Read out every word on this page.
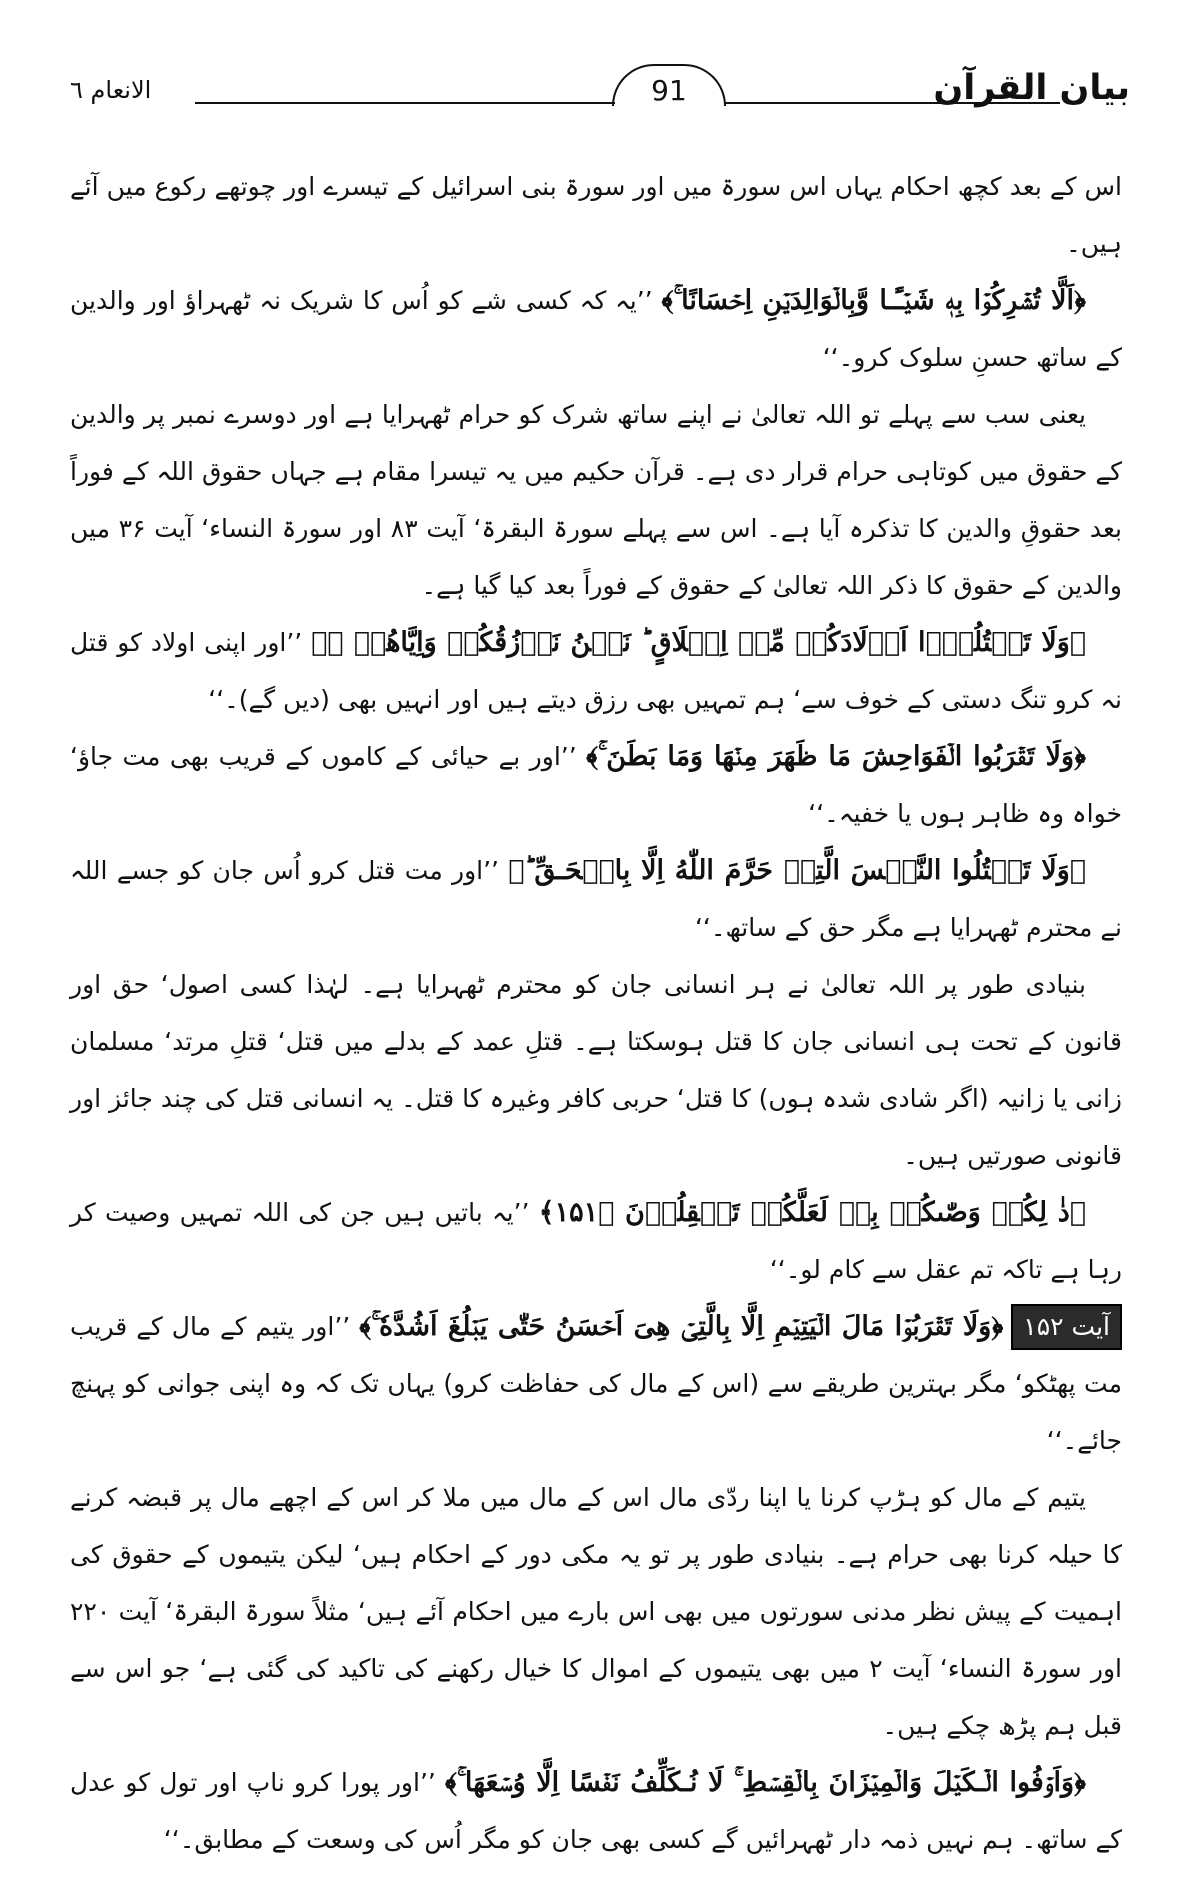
بیان القرآن
91
الانعام ٦

اس کے بعد کچھ احکام یہاں اس سورۃ میں اور سورۃ بنی اسرائیل کے تیسرے اور چوتھے رکوع میں آئے ہیں۔

﴿اَلَّا تُشۡرِكُوۡا بِهٖ شَيۡـًٔـا وَّبِالۡوَالِدَيۡنِ اِحۡسَانًا ۚ﴾ ’’یہ کہ کسی شے کو اُس کا شریک نہ ٹھہراؤ اور والدین کے ساتھ حسنِ سلوک کرو۔‘‘

یعنی سب سے پہلے تو اللہ تعالیٰ نے اپنے ساتھ شرک کو حرام ٹھہرایا ہے اور دوسرے نمبر پر والدین کے حقوق میں کوتاہی حرام قرار دی ہے۔ قرآن حکیم میں یہ تیسرا مقام ہے جہاں حقوق اللہ کے فوراً بعد حقوقِ والدین کا تذکرہ آیا ہے۔ اس سے پہلے سورۃ البقرۃ‘ آیت ۸۳ اور سورۃ النساء‘ آیت ۳۶ میں والدین کے حقوق کا ذکر اللہ تعالیٰ کے حقوق کے فوراً بعد کیا گیا ہے۔

﴿وَلَا تَقۡتُلُوۡۤا اَوۡلَادَكُمۡ مِّنۡ اِمۡلَاقٍ ؕ نَحۡنُ نَرۡزُقُكُمۡ وَاِيَّاهُمۡ ۚ﴾ ’’اور اپنی اولاد کو قتل نہ کرو تنگ دستی کے خوف سے‘ ہم تمہیں بھی رزق دیتے ہیں اور انہیں بھی (دیں گے)۔‘‘

﴿وَلَا تَقۡرَبُوا الۡفَوَاحِشَ مَا ظَهَرَ مِنۡهَا وَمَا بَطَنَ ۚ﴾ ’’اور بے حیائی کے کاموں کے قریب بھی مت جاؤ‘ خواہ وہ ظاہر ہوں یا خفیہ۔‘‘

﴿وَلَا تَقۡتُلُوا النَّفۡسَ الَّتِىۡ حَرَّمَ اللّٰهُ اِلَّا بِالۡحَـقِّ ؕ﴾ ’’اور مت قتل کرو اُس جان کو جسے اللہ نے محترم ٹھہرایا ہے مگر حق کے ساتھ۔‘‘

بنیادی طور پر اللہ تعالیٰ نے ہر انسانی جان کو محترم ٹھہرایا ہے۔ لہٰذا کسی اصول‘ حق اور قانون کے تحت ہی انسانی جان کا قتل ہوسکتا ہے۔ قتلِ عمد کے بدلے میں قتل‘ قتلِ مرتد‘ مسلمان زانی یا زانیہ (اگر شادی شدہ ہوں) کا قتل‘ حربی کافر وغیرہ کا قتل۔ یہ انسانی قتل کی چند جائز اور قانونی صورتیں ہیں۔

﴿ذٰ لِكُمۡ وَصّٰٮكُمۡ بِهٖ لَعَلَّكُمۡ تَعۡقِلُوۡنَ‏ ﴿۱۵۱﴾ ’’یہ باتیں ہیں جن کی اللہ تمہیں وصیت کر رہا ہے تاکہ تم عقل سے کام لو۔‘‘

آیت ۱۵۲﴿وَلَا تَقۡرَبُوۡا مَالَ الۡيَتِيۡمِ اِلَّا بِالَّتِىۡ هِىَ اَحۡسَنُ حَتّٰى يَبۡلُغَ اَشُدَّهٗ ۚ﴾ ’’اور یتیم کے مال کے قریب مت پھٹکو‘ مگر بہترین طریقے سے (اس کے مال کی حفاظت کرو) یہاں تک کہ وہ اپنی جوانی کو پہنچ جائے۔‘‘

یتیم کے مال کو ہڑپ کرنا یا اپنا ردّی مال اس کے مال میں ملا کر اس کے اچھے مال پر قبضہ کرنے کا حیلہ کرنا بھی حرام ہے۔ بنیادی طور پر تو یہ مکی دور کے احکام ہیں‘ لیکن یتیموں کے حقوق کی اہمیت کے پیش نظر مدنی سورتوں میں بھی اس بارے میں احکام آئے ہیں‘ مثلاً سورۃ البقرۃ‘ آیت ۲۲۰ اور سورۃ النساء‘ آیت ۲ میں بھی یتیموں کے اموال کا خیال رکھنے کی تاکید کی گئی ہے‘ جو اس سے قبل ہم پڑھ چکے ہیں۔

﴿وَاَوۡفُوا الۡـكَيۡلَ وَالۡمِيۡزَانَ بِالۡقِسۡطِ ۚ لَا نُـكَلِّفُ نَفۡسًا اِلَّا وُسۡعَهَا ۚ﴾ ’’اور پورا کرو ناپ اور تول کو عدل کے ساتھ۔ ہم نہیں ذمہ دار ٹھہرائیں گے کسی بھی جان کو مگر اُس کی وسعت کے مطابق۔‘‘
